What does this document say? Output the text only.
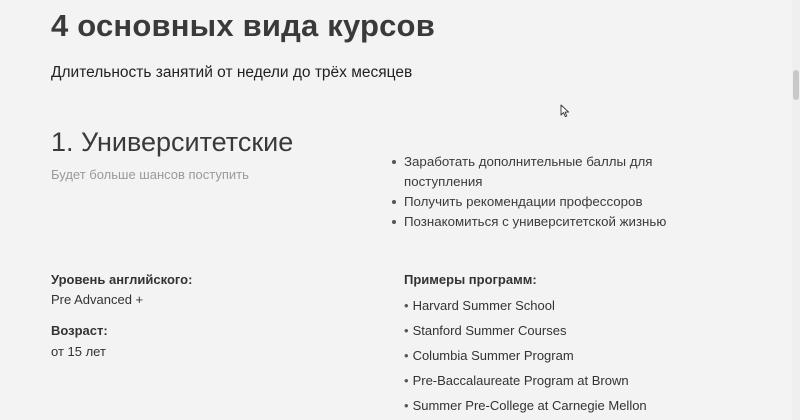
4 основных вида курсов

Длительность занятий от недели до трёх месяцев

1. Университетские

Будет больше шансов поступить

Заработать дополнительные баллы для поступления
Получить рекомендации профессоров
Познакомиться с университетской жизнью

Уровень английского:

Pre Advanced +

Возраст:

от 15 лет

Примеры программ:

• Harvard Summer School
• Stanford Summer Courses
• Columbia Summer Program
• Pre-Baccalaureate Program at Brown
• Summer Pre-College at Carnegie Mellon
